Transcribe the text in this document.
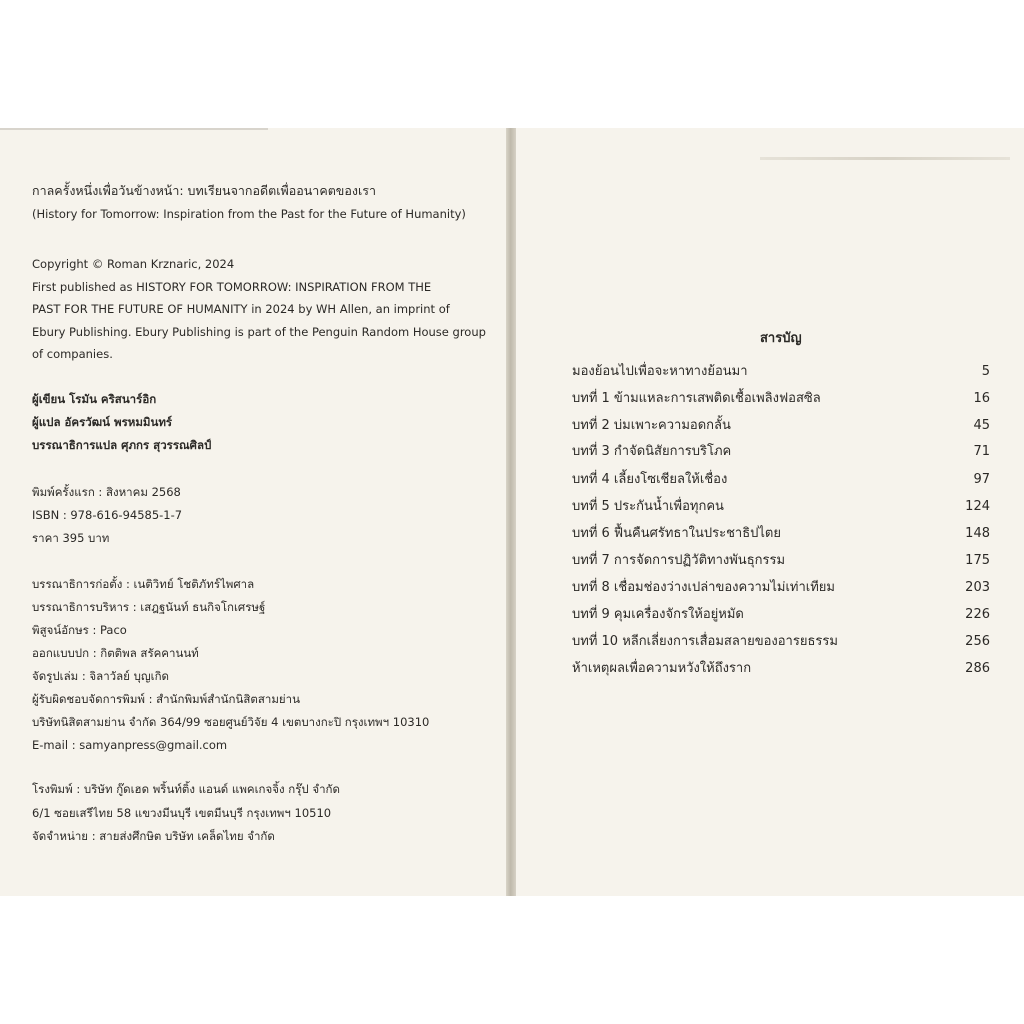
กาลครั้งหนึ่งเพื่อวันข้างหน้า: บทเรียนจากอดีตเพื่ออนาคตของเรา
(History for Tomorrow: Inspiration from the Past for the Future of Humanity)
Copyright © Roman Krznaric, 2024
First published as HISTORY FOR TOMORROW: INSPIRATION FROM THE
PAST FOR THE FUTURE OF HUMANITY in 2024 by WH Allen, an imprint of
Ebury Publishing. Ebury Publishing is part of the Penguin Random House group
of companies.
ผู้เขียน โรมัน คริสนาร์อิก
ผู้แปล อัครวัฒน์ พรหมมินทร์
บรรณาธิการแปล ศุภกร สุวรรณศิลป์
พิมพ์ครั้งแรก : สิงหาคม 2568
ISBN : 978-616-94585-1-7
ราคา 395 บาท
บรรณาธิการก่อตั้ง : เนติวิทย์ โชติภัทร์ไพศาล
บรรณาธิการบริหาร : เสฎฐนันท์ ธนกิจโกเศรษฐ์
พิสูจน์อักษร : Paco
ออกแบบปก : กิตติพล สรัคคานนท์
จัดรูปเล่ม : จิลาวัลย์ บุญเกิด
ผู้รับผิดชอบจัดการพิมพ์ : สำนักพิมพ์สำนักนิสิตสามย่าน
บริษัทนิสิตสามย่าน จำกัด 364/99 ซอยศูนย์วิจัย 4 เขตบางกะปิ กรุงเทพฯ 10310
E-mail : samyanpress@gmail.com
โรงพิมพ์ : บริษัท กู๊ดเฮด พริ้นท์ติ้ง แอนด์ แพคเกจจิ้ง กรุ๊ป จำกัด
6/1 ซอยเสรีไทย 58 แขวงมีนบุรี เขตมีนบุรี กรุงเทพฯ 10510
จัดจำหน่าย : สายส่งศึกษิต บริษัท เคล็ดไทย จำกัด
สารบัญ
มองย้อนไปเพื่อจะหาทางย้อนมา	5
บทที่ 1 ข้ามแหละการเสพติดเชื้อเพลิงฟอสซิล	16
บทที่ 2 บ่มเพาะความอดกลั้น	45
บทที่ 3 กำจัดนิสัยการบริโภค	71
บทที่ 4 เลี้ยงโซเชียลให้เชื่อง	97
บทที่ 5 ประกันน้ำเพื่อทุกคน	124
บทที่ 6 ฟื้นคืนศรัทธาในประชาธิปไตย	148
บทที่ 7 การจัดการปฏิวัติทางพันธุกรรม	175
บทที่ 8 เชื่อมช่องว่างเปล่าของความไม่เท่าเทียม	203
บทที่ 9 คุมเครื่องจักรให้อยู่หมัด	226
บทที่ 10 หลีกเลี่ยงการเสื่อมสลายของอารยธรรม	256
ห้าเหตุผลเพื่อความหวังให้ถึงราก	286
